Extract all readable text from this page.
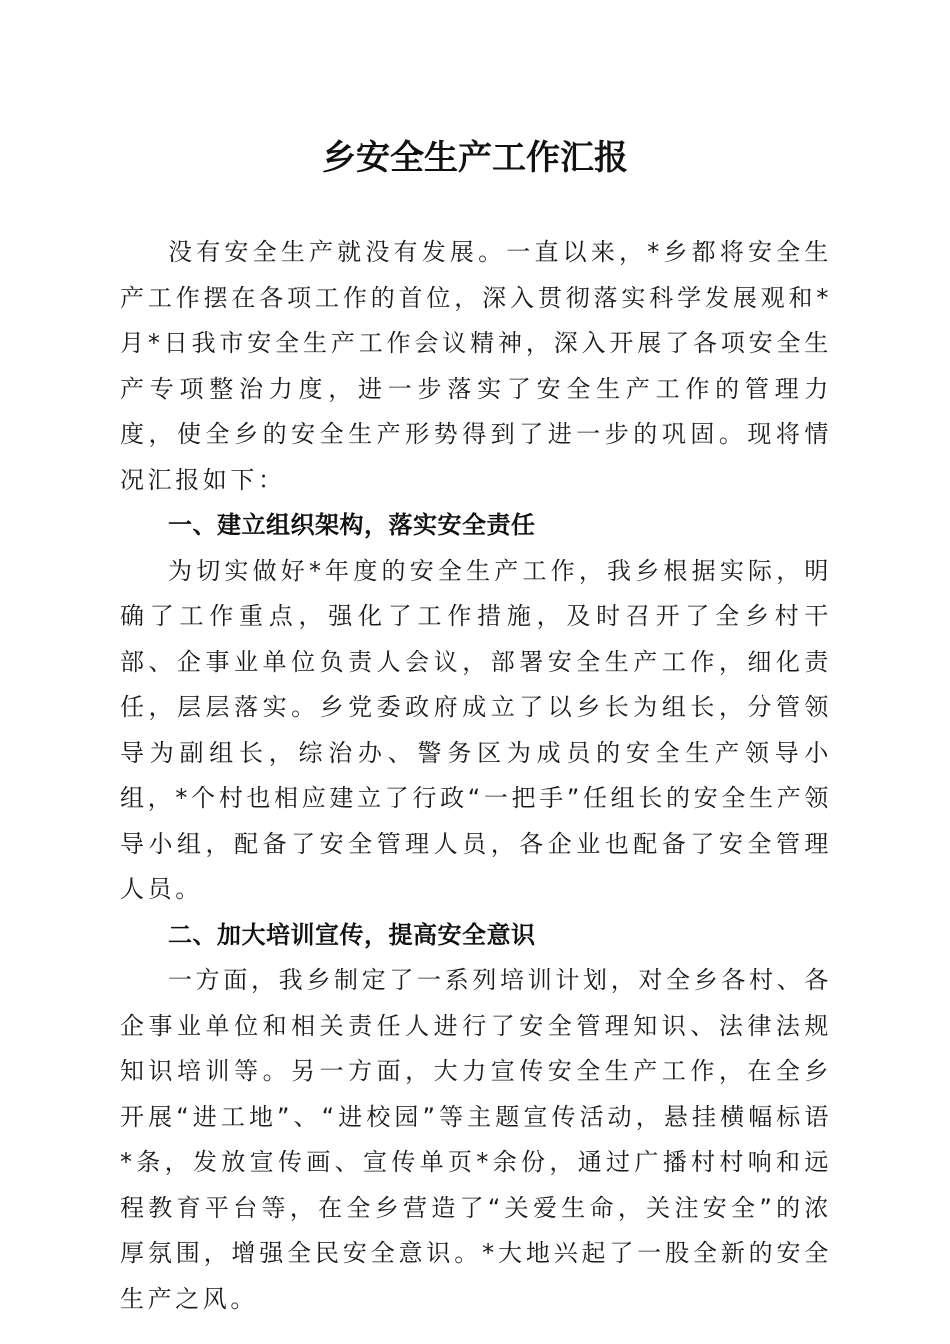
乡安全生产工作汇报

没有安全生产就没有发展。一直以来，*乡都将安全生产工作摆在各项工作的首位，深入贯彻落实科学发展观和*月*日我市安全生产工作会议精神，深入开展了各项安全生产专项整治力度，进一步落实了安全生产工作的管理力度，使全乡的安全生产形势得到了进一步的巩固。现将情况汇报如下：

一、建立组织架构，落实安全责任

为切实做好*年度的安全生产工作，我乡根据实际，明确了工作重点，强化了工作措施，及时召开了全乡村干部、企事业单位负责人会议，部署安全生产工作，细化责任，层层落实。乡党委政府成立了以乡长为组长，分管领导为副组长，综治办、警务区为成员的安全生产领导小组，*个村也相应建立了行政“一把手”任组长的安全生产领导小组，配备了安全管理人员，各企业也配备了安全管理人员。

二、加大培训宣传，提高安全意识

一方面，我乡制定了一系列培训计划，对全乡各村、各企事业单位和相关责任人进行了安全管理知识、法律法规知识培训等。另一方面，大力宣传安全生产工作，在全乡开展“进工地”、“进校园”等主题宣传活动，悬挂横幅标语*条，发放宣传画、宣传单页*余份，通过广播村村响和远程教育平台等，在全乡营造了“关爱生命，关注安全”的浓厚氛围，增强全民安全意识。*大地兴起了一股全新的安全生产之风。
